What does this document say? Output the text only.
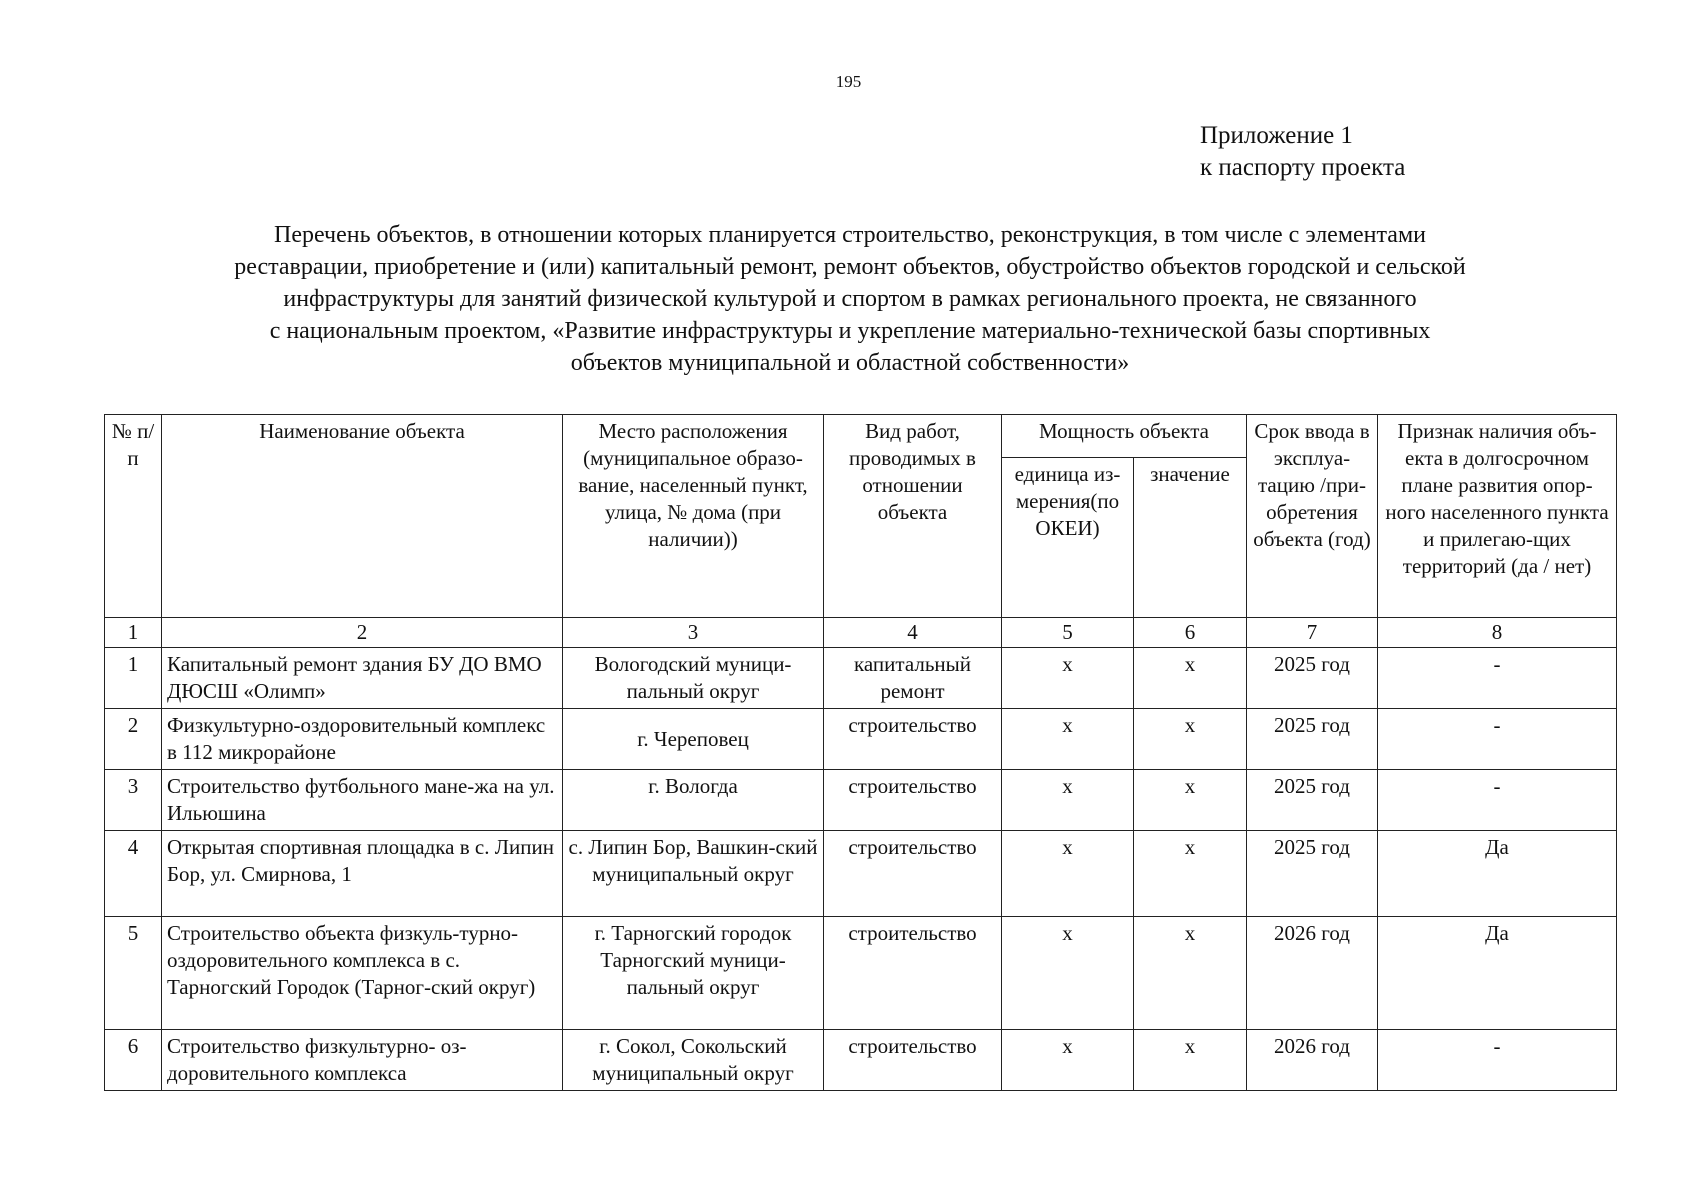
195
Приложение 1
к паспорту проекта
Перечень объектов, в отношении которых планируется строительство, реконструкция, в том числе с элементами
реставрации, приобретение и (или) капитальный ремонт, ремонт объектов, обустройство объектов городской и сельской
инфраструктуры для занятий физической культурой и спортом в рамках регионального проекта, не связанного
с национальным проектом, «Развитие инфраструктуры и укрепление материально-технической базы спортивных
объектов муниципальной и областной собственности»
№ п/п	Наименование объекта	Место расположения (муниципальное образо-вание, населенный пункт, улица, № дома (при наличии))	Вид работ, проводимых в отношении объекта	Мощность объекта		Срок ввода в эксплуа-тацию /при-обретения объекта (год)	Признак наличия объ-екта в долгосрочном плане развития опор-ного населенного пункта и прилегаю-щих территорий (да / нет)
				единица из-мерения(по ОКЕИ)	значение		
1	2	3	4	5	6	7	8
1	Капитальный ремонт здания БУ ДО ВМО ДЮСШ «Олимп»	Вологодский муници-пальный округ	капитальный ремонт	х	х	2025 год	-
2	Физкультурно-оздоровительный комплекс в 112 микрорайоне	г. Череповец	строительство	х	х	2025 год	-
3	Строительство футбольного мане-жа на ул. Ильюшина	г. Вологда	строительство	х	х	2025 год	-
4	Открытая спортивная площадка в с. Липин Бор, ул. Смирнова, 1	с. Липин Бор, Вашкин-ский муниципальный округ	строительство	х	х	2025 год	Да
5	Строительство объекта физкуль-турно-оздоровительного комплекса в с. Тарногский Городок (Тарног-ский округ)	г. Тарногский городок Тарногский муници-пальный округ	строительство	х	х	2026 год	Да
6	Строительство физкультурно- оз-доровительного комплекса	г. Сокол, Сокольский муниципальный округ	строительство	х	х	2026 год	-
